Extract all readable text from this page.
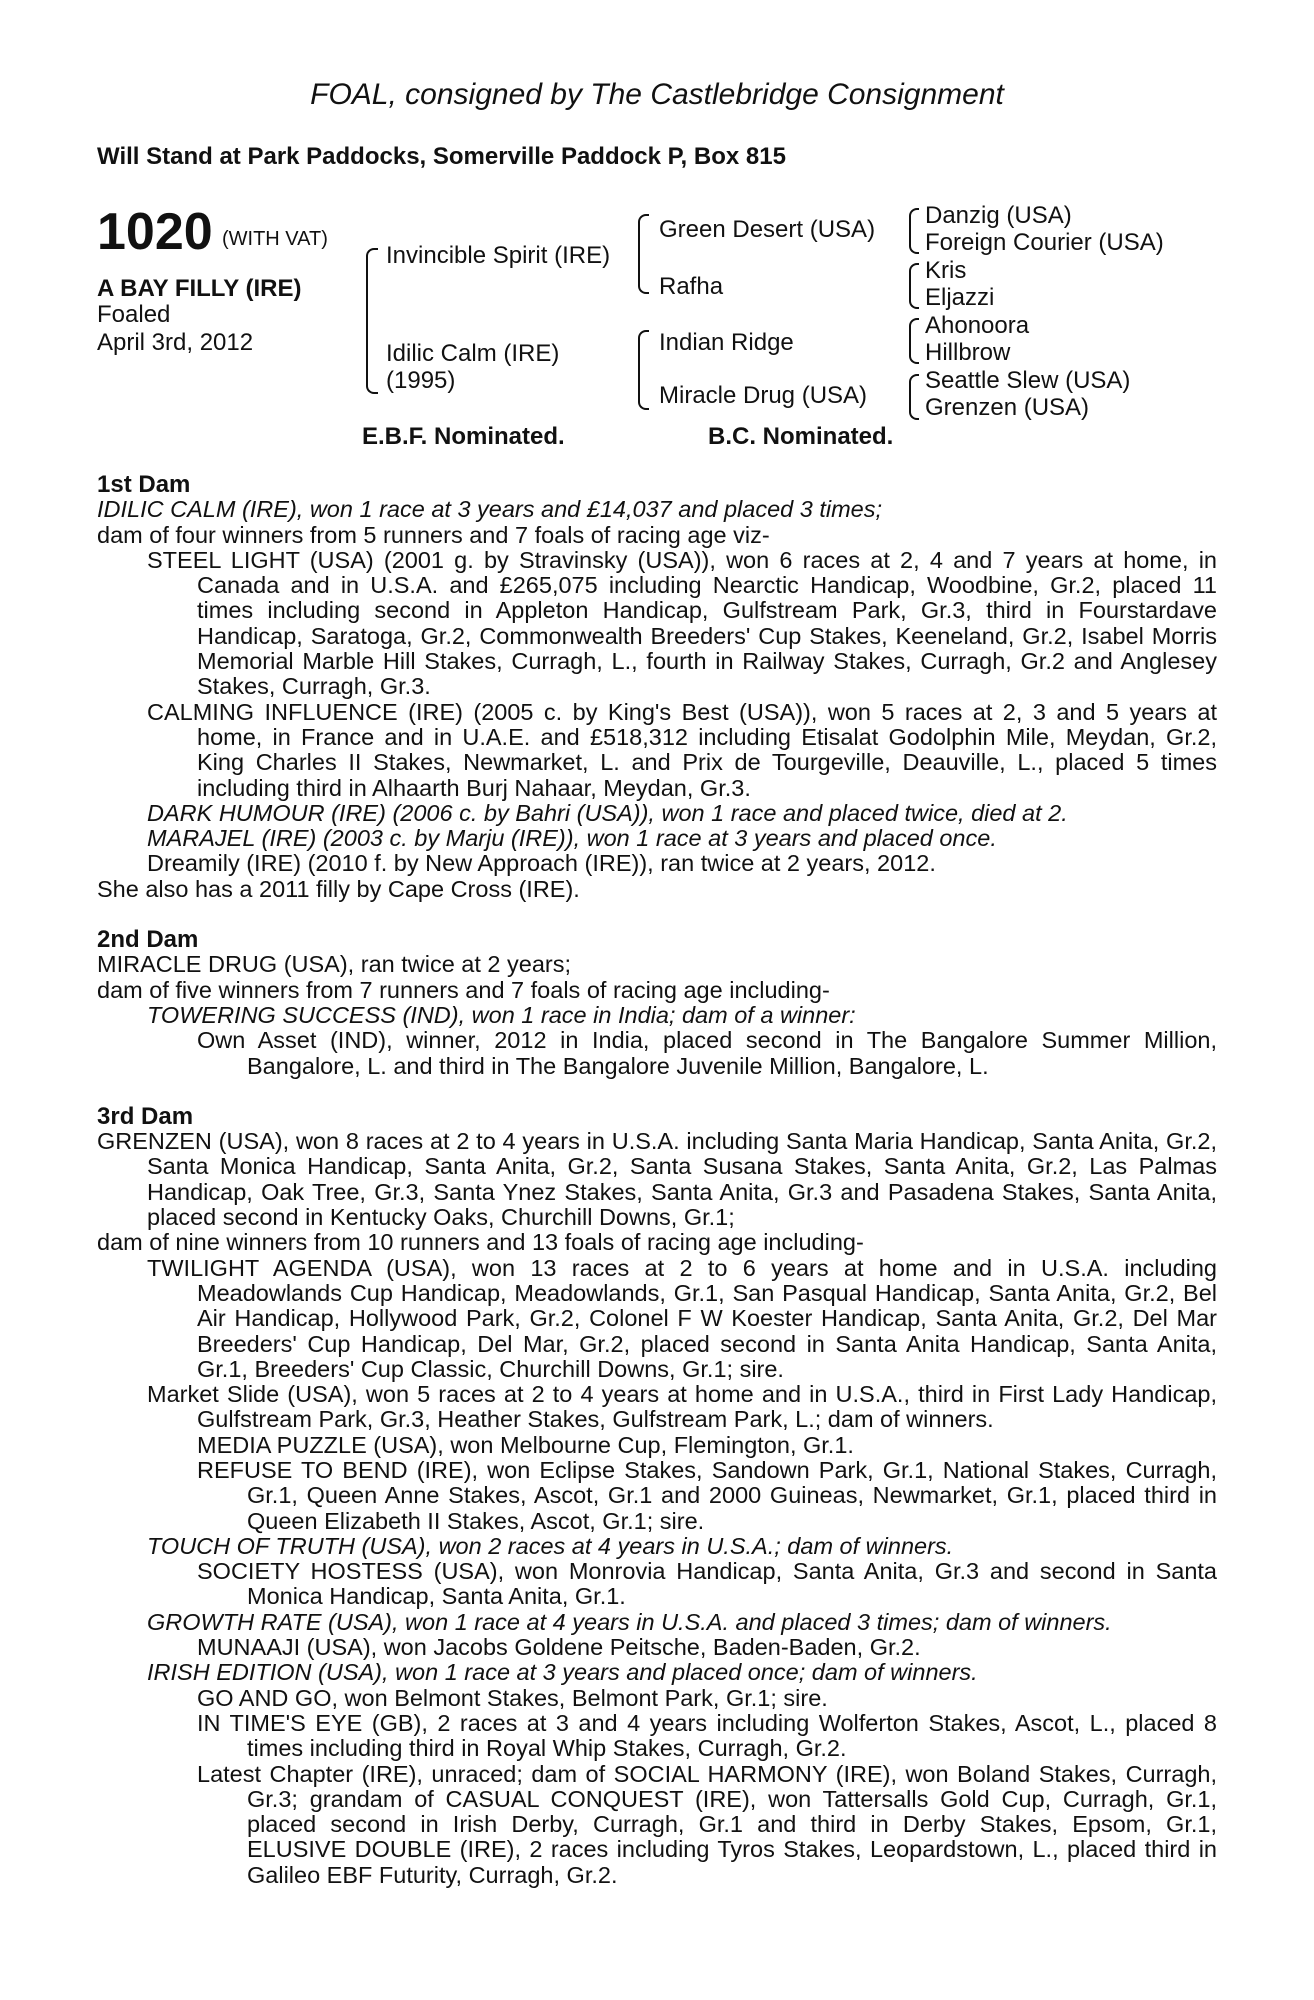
FOAL, consigned by The Castlebridge Consignment
Will Stand at Park Paddocks, Somerville Paddock P, Box 815
1020 (WITH VAT)
A BAY FILLY (IRE)
Foaled
April 3rd, 2012
Invincible Spirit (IRE)
Idilic Calm (IRE)
(1995)
Green Desert (USA)
Rafha
Indian Ridge
Miracle Drug (USA)
Danzig (USA)
Foreign Courier (USA)
Kris
Eljazzi
Ahonoora
Hillbrow
Seattle Slew (USA)
Grenzen (USA)
E.B.F. Nominated.	B.C. Nominated.

1st Dam

IDILIC CALM (IRE), won 1 race at 3 years and £14,037 and placed 3 times;

dam of four winners from 5 runners and 7 foals of racing age viz-

STEEL LIGHT (USA) (2001 g. by Stravinsky (USA)), won 6 races at 2, 4 and 7 years at home, in Canada and in U.S.A. and £265,075 including Nearctic Handicap, Woodbine, Gr.2, placed 11 times including second in Appleton Handicap, Gulfstream Park, Gr.3, third in Fourstardave Handicap, Saratoga, Gr.2, Commonwealth Breeders' Cup Stakes, Keeneland, Gr.2, Isabel Morris Memorial Marble Hill Stakes, Curragh, L., fourth in Railway Stakes, Curragh, Gr.2 and Anglesey Stakes, Curragh, Gr.3.

CALMING INFLUENCE (IRE) (2005 c. by King's Best (USA)), won 5 races at 2, 3 and 5 years at home, in France and in U.A.E. and £518,312 including Etisalat Godolphin Mile, Meydan, Gr.2, King Charles II Stakes, Newmarket, L. and Prix de Tourgeville, Deauville, L., placed 5 times including third in Alhaarth Burj Nahaar, Meydan, Gr.3.

DARK HUMOUR (IRE) (2006 c. by Bahri (USA)), won 1 race and placed twice, died at 2.

MARAJEL (IRE) (2003 c. by Marju (IRE)), won 1 race at 3 years and placed once.

Dreamily (IRE) (2010 f. by New Approach (IRE)), ran twice at 2 years, 2012.

She also has a 2011 filly by Cape Cross (IRE).

2nd Dam

MIRACLE DRUG (USA), ran twice at 2 years;

dam of five winners from 7 runners and 7 foals of racing age including-

TOWERING SUCCESS (IND), won 1 race in India; dam of a winner:

Own Asset (IND), winner, 2012 in India, placed second in The Bangalore Summer Million, Bangalore, L. and third in The Bangalore Juvenile Million, Bangalore, L.

3rd Dam

GRENZEN (USA), won 8 races at 2 to 4 years in U.S.A. including Santa Maria Handicap, Santa Anita, Gr.2, Santa Monica Handicap, Santa Anita, Gr.2, Santa Susana Stakes, Santa Anita, Gr.2, Las Palmas Handicap, Oak Tree, Gr.3, Santa Ynez Stakes, Santa Anita, Gr.3 and Pasadena Stakes, Santa Anita, placed second in Kentucky Oaks, Churchill Downs, Gr.1;

dam of nine winners from 10 runners and 13 foals of racing age including-

TWILIGHT AGENDA (USA), won 13 races at 2 to 6 years at home and in U.S.A. including Meadowlands Cup Handicap, Meadowlands, Gr.1, San Pasqual Handicap, Santa Anita, Gr.2, Bel Air Handicap, Hollywood Park, Gr.2, Colonel F W Koester Handicap, Santa Anita, Gr.2, Del Mar Breeders' Cup Handicap, Del Mar, Gr.2, placed second in Santa Anita Handicap, Santa Anita, Gr.1, Breeders' Cup Classic, Churchill Downs, Gr.1; sire.

Market Slide (USA), won 5 races at 2 to 4 years at home and in U.S.A., third in First Lady Handicap, Gulfstream Park, Gr.3, Heather Stakes, Gulfstream Park, L.; dam of winners.

MEDIA PUZZLE (USA), won Melbourne Cup, Flemington, Gr.1.

REFUSE TO BEND (IRE), won Eclipse Stakes, Sandown Park, Gr.1, National Stakes, Curragh, Gr.1, Queen Anne Stakes, Ascot, Gr.1 and 2000 Guineas, Newmarket, Gr.1, placed third in Queen Elizabeth II Stakes, Ascot, Gr.1; sire.

TOUCH OF TRUTH (USA), won 2 races at 4 years in U.S.A.; dam of winners.

SOCIETY HOSTESS (USA), won Monrovia Handicap, Santa Anita, Gr.3 and second in Santa Monica Handicap, Santa Anita, Gr.1.

GROWTH RATE (USA), won 1 race at 4 years in U.S.A. and placed 3 times; dam of winners.

MUNAAJI (USA), won Jacobs Goldene Peitsche, Baden-Baden, Gr.2.

IRISH EDITION (USA), won 1 race at 3 years and placed once; dam of winners.

GO AND GO, won Belmont Stakes, Belmont Park, Gr.1; sire.

IN TIME'S EYE (GB), 2 races at 3 and 4 years including Wolferton Stakes, Ascot, L., placed 8 times including third in Royal Whip Stakes, Curragh, Gr.2.

Latest Chapter (IRE), unraced; dam of SOCIAL HARMONY (IRE), won Boland Stakes, Curragh, Gr.3; grandam of CASUAL CONQUEST (IRE), won Tattersalls Gold Cup, Curragh, Gr.1, placed second in Irish Derby, Curragh, Gr.1 and third in Derby Stakes, Epsom, Gr.1, ELUSIVE DOUBLE (IRE), 2 races including Tyros Stakes, Leopardstown, L., placed third in Galileo EBF Futurity, Curragh, Gr.2.
